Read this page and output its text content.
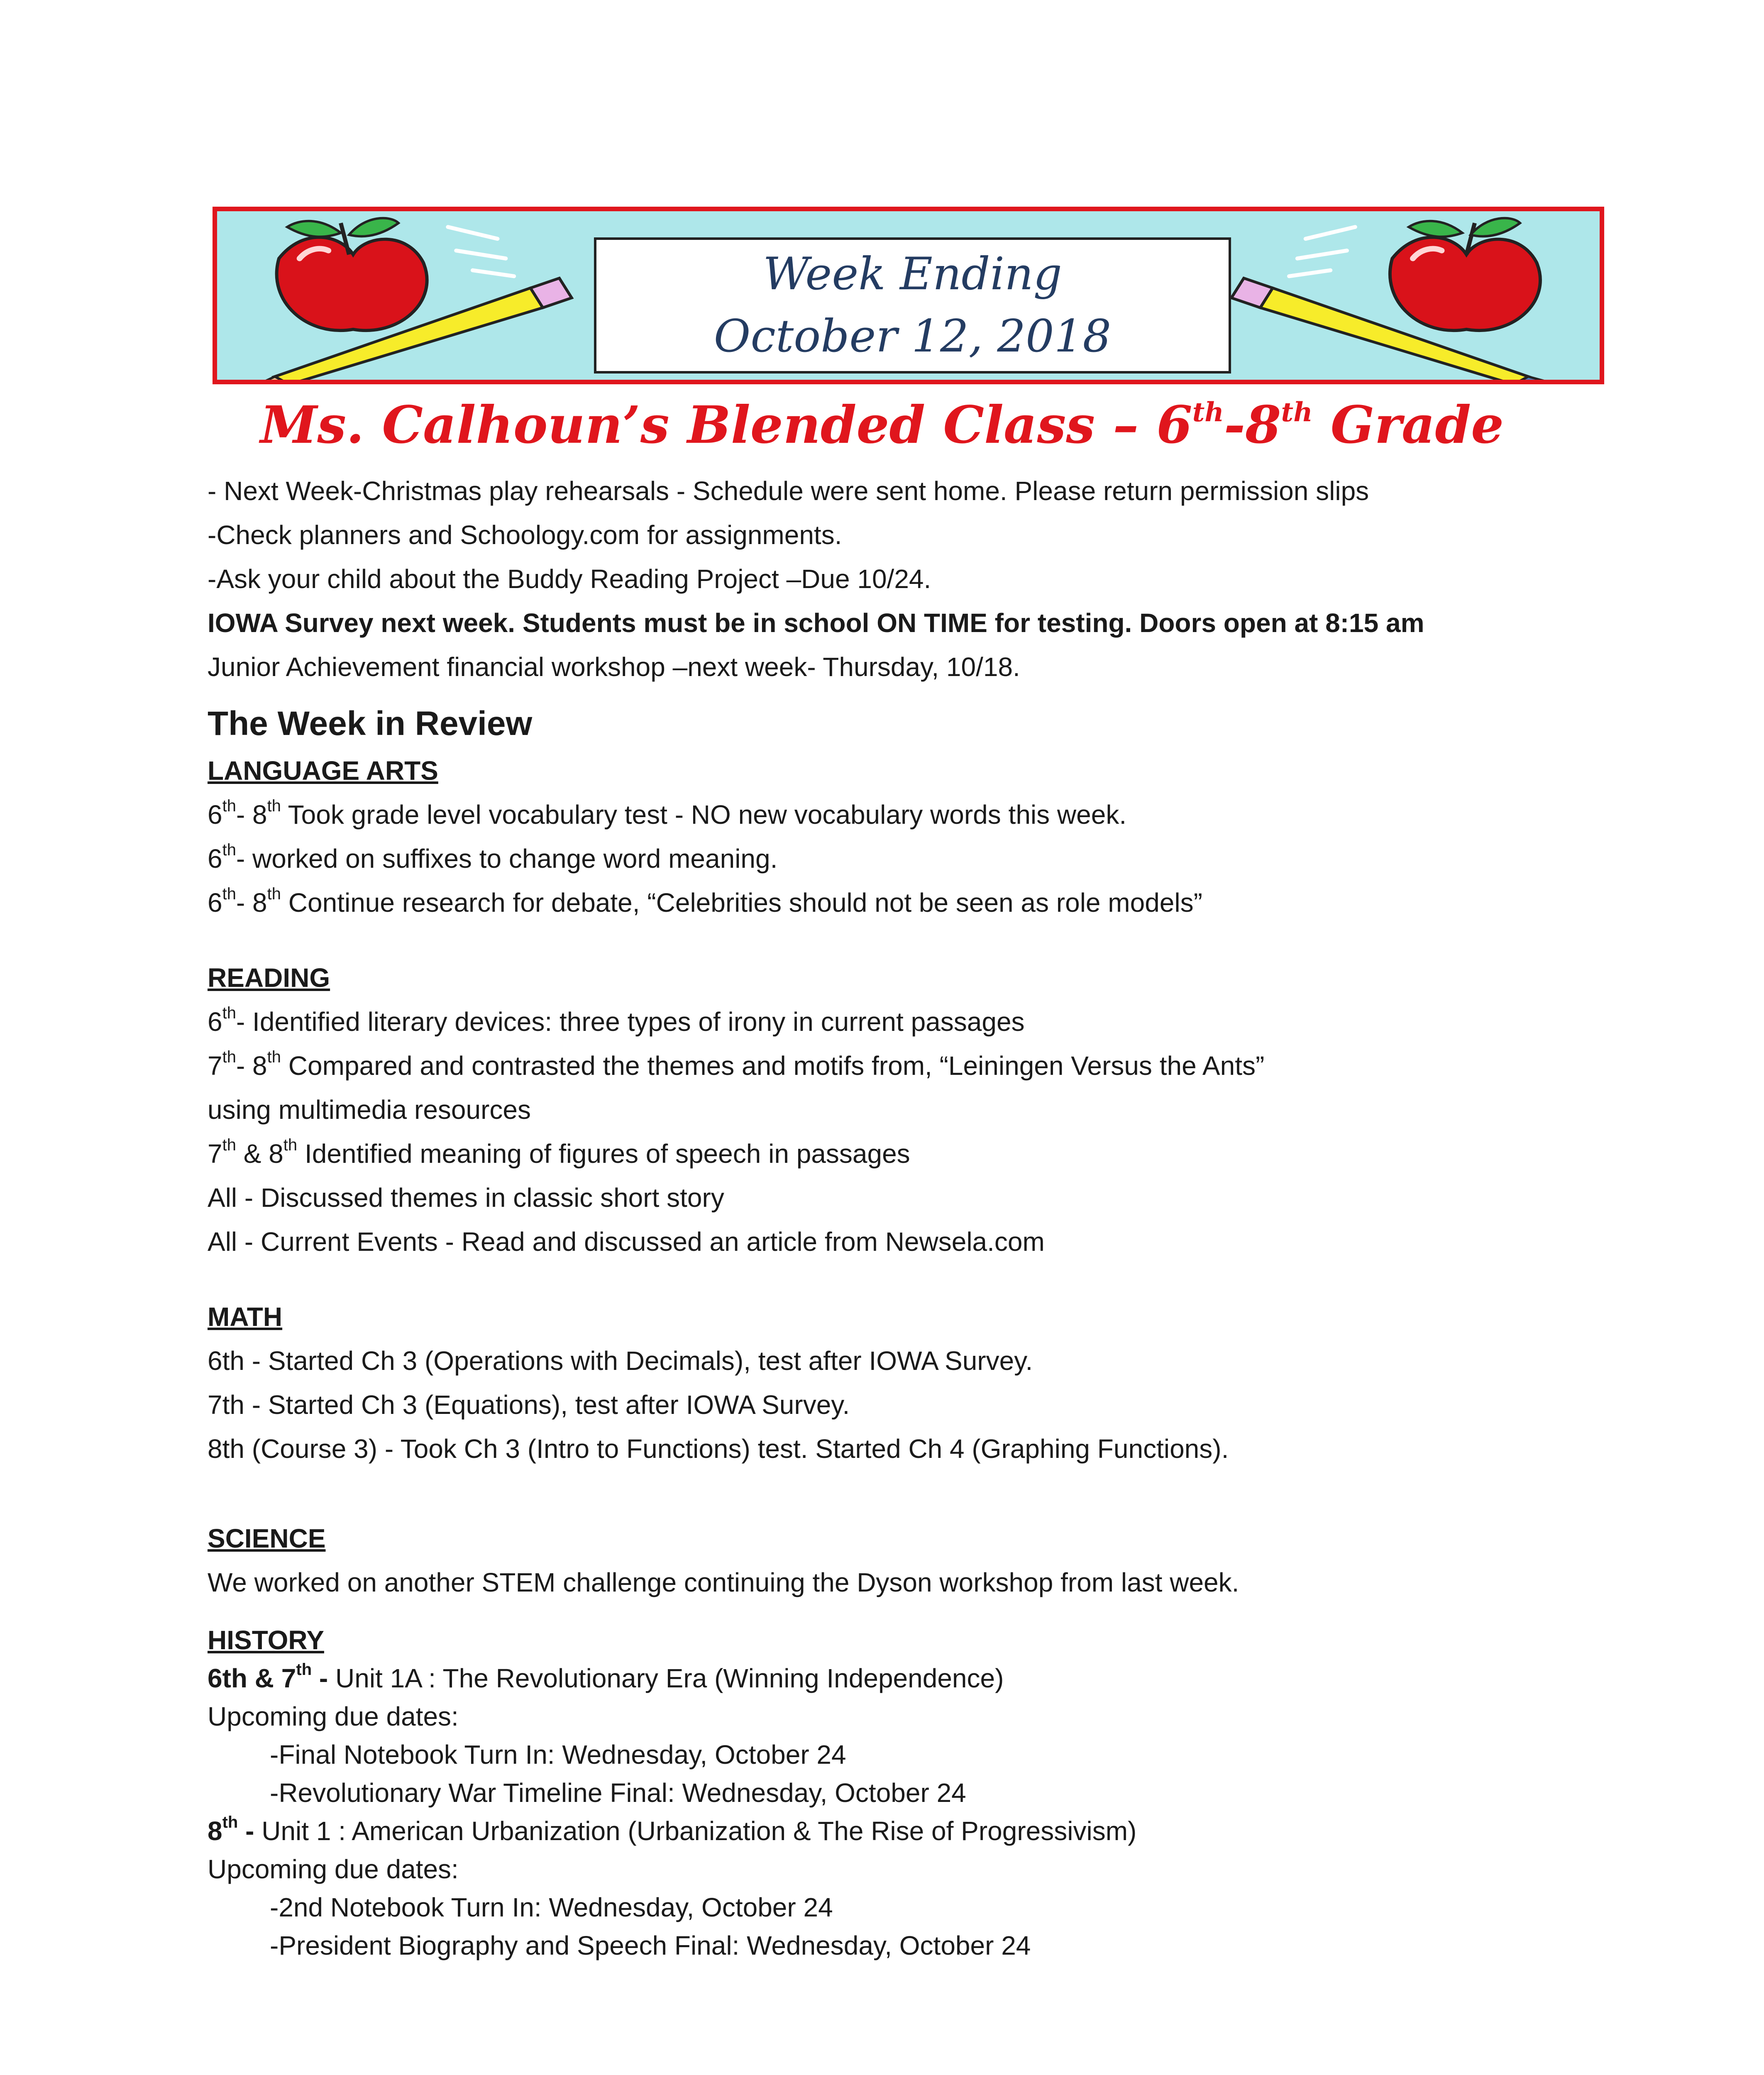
Week Ending
October 12, 2018
Ms. Calhoun’s Blended Class – 6th-8th Grade

- Next Week-Christmas play rehearsals - Schedule were sent home. Please return permission slips

-Check planners and Schoology.com for assignments.

-Ask your child about the Buddy Reading Project –Due 10/24.

IOWA Survey next week. Students must be in school ON TIME for testing. Doors open at 8:15 am

Junior Achievement financial workshop –next week- Thursday, 10/18.

The Week in Review

LANGUAGE ARTS

6th- 8th Took grade level vocabulary test - NO new vocabulary words this week.

6th- worked on suffixes to change word meaning.

6th- 8th Continue research for debate, “Celebrities should not be seen as role models”

READING

6th- Identified literary devices: three types of irony in current passages

7th- 8th Compared and contrasted the themes and motifs from, “Leiningen Versus the Ants”

using multimedia resources

7th & 8th Identified meaning of figures of speech in passages

All - Discussed themes in classic short story

All - Current Events - Read and discussed an article from Newsela.com

MATH

6th - Started Ch 3 (Operations with Decimals), test after IOWA Survey.

7th - Started Ch 3 (Equations), test after IOWA Survey.

8th (Course 3) - Took Ch 3 (Intro to Functions) test. Started Ch 4 (Graphing Functions).

SCIENCE

We worked on another STEM challenge continuing the Dyson workshop from last week.

HISTORY

6th & 7th - Unit 1A : The Revolutionary Era (Winning Independence)

Upcoming due dates:

-Final Notebook Turn In: Wednesday, October 24

-Revolutionary War Timeline Final: Wednesday, October 24

8th - Unit 1 : American Urbanization (Urbanization & The Rise of Progressivism)

Upcoming due dates:

-2nd Notebook Turn In: Wednesday, October 24

-President Biography and Speech Final: Wednesday, October 24
